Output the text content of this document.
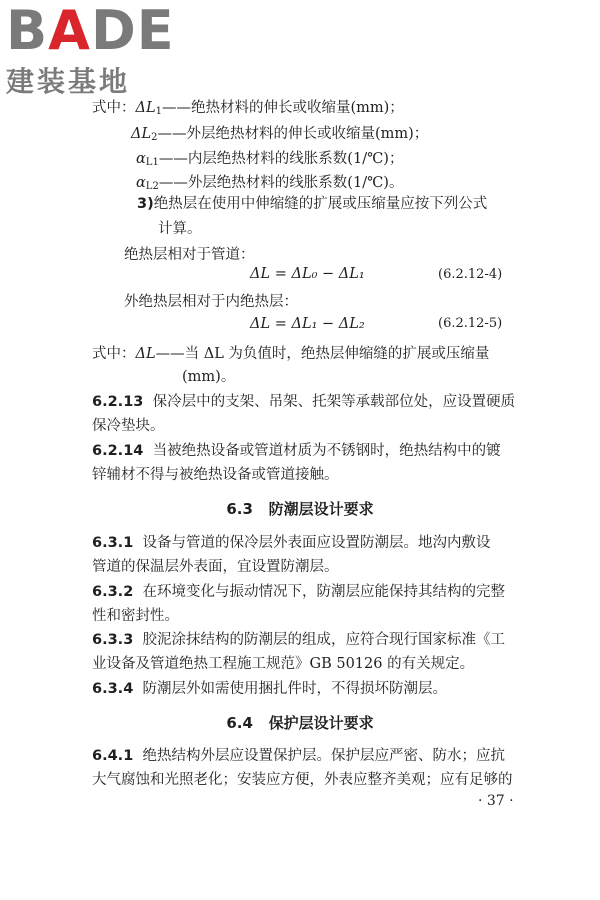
BADE
建装基地
式中：$\Delta L_1——$绝热材料的伸长或收缩量(mm)；
$\Delta L_2——$外层绝热材料的伸长或收缩量(mm)；
$\alpha_{L1}——$内层绝热材料的线胀系数(1/℃)；
$\alpha_{L2}——$外层绝热材料的线胀系数(1/℃)。
3)绝热层在使用中伸缩缝的扩展或压缩量应按下列公式
计算。
绝热层相对于管道：
ΔL = ΔL₀ − ΔL₁	(6.2.12-4)
外绝热层相对于内绝热层：
ΔL = ΔL₁ − ΔL₂	(6.2.12-5)
式中：ΔL——当 ΔL 为负值时，绝热层伸缩缝的扩展或压缩量
(mm)。
6.2.13 保冷层中的支架、吊架、托架等承载部位处，应设置硬质
保冷垫块。
6.2.14 当被绝热设备或管道材质为不锈钢时，绝热结构中的镀
锌辅材不得与被绝热设备或管道接触。
6.3 防潮层设计要求
6.3.1 设备与管道的保冷层外表面应设置防潮层。地沟内敷设
管道的保温层外表面，宜设置防潮层。
6.3.2 在环境变化与振动情况下，防潮层应能保持其结构的完整
性和密封性。
6.3.3 胶泥涂抹结构的防潮层的组成，应符合现行国家标准《工
业设备及管道绝热工程施工规范》GB 50126 的有关规定。
6.3.4 防潮层外如需使用捆扎件时，不得损坏防潮层。
6.4 保护层设计要求
6.4.1 绝热结构外层应设置保护层。保护层应严密、防水；应抗
大气腐蚀和光照老化；安装应方便，外表应整齐美观；应有足够的
· 37 ·
